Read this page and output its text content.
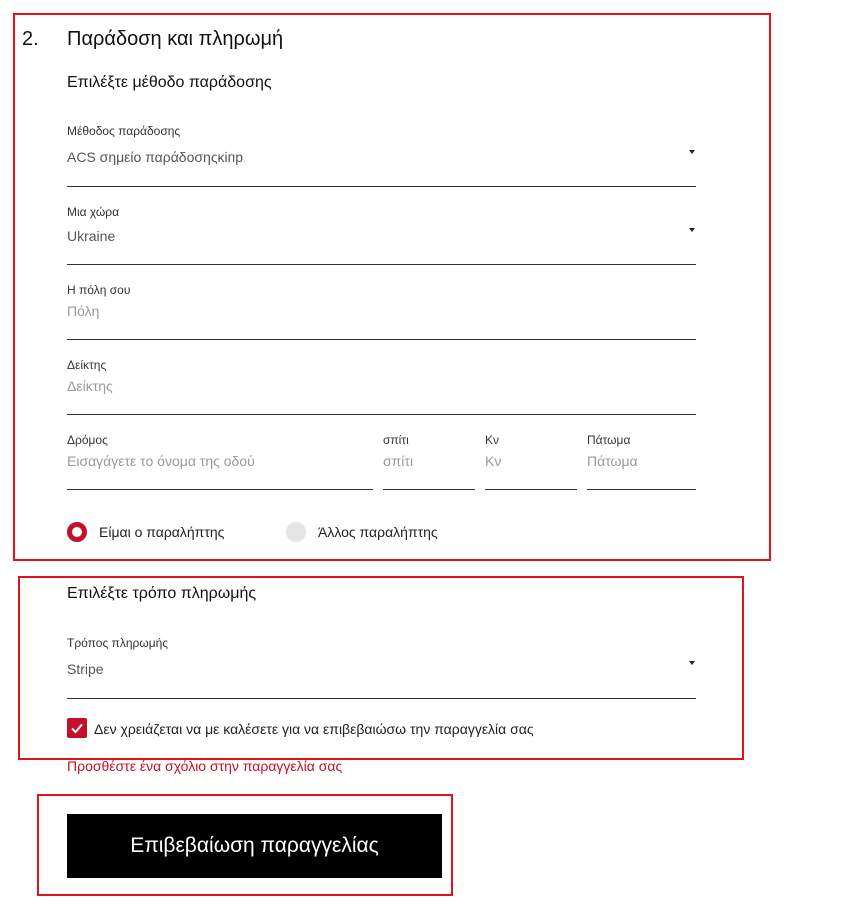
2. Παράδοση και πληρωμή
Επιλέξτε μέθοδο παράδοσης
Μέθοδος παράδοσης
ACS σημείο παράδοσηςκіпр
Μια χώρα
Ukraine
Η πόλη σου
Πόλη
Δείκτης
Δείκτης
Δρόμος
Εισαγάγετε το όνομα της οδού
σπίτι
σπίτι
Κν
Κν
Πάτωμα
Πάτωμα
Είμαι ο παραλήπτης	Άλλος παραλήπτης
Επιλέξτε τρόπο πληρωμής
Τρόπος πληρωμής
Stripe
Δεν χρειάζεται να με καλέσετε για να επιβεβαιώσω την παραγγελία σας
Προσθέστε ένα σχόλιο στην παραγγελία σας
Επιβεβαίωση παραγγελίας
